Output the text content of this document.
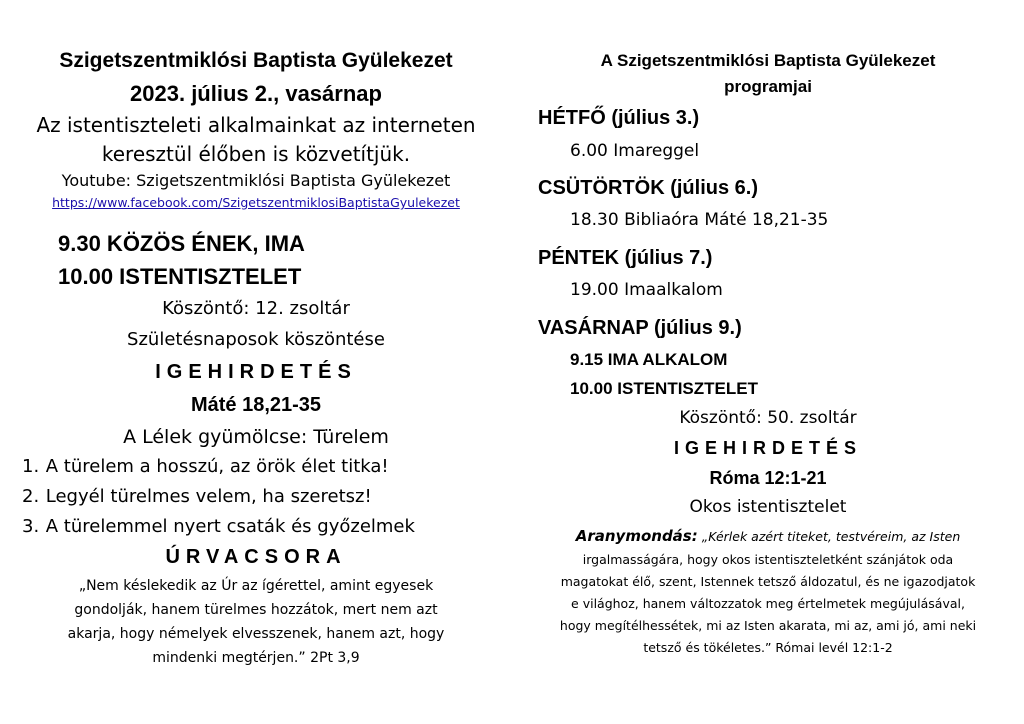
Szigetszentmiklósi Baptista Gyülekezet
2023. július 2., vasárnap
Az istentiszteleti alkalmainkat az interneten
keresztül élőben is közvetítjük.
Youtube: Szigetszentmiklósi Baptista Gyülekezet
https://www.facebook.com/SzigetszentmiklosiBaptistaGyulekezet
9.30 KÖZÖS ÉNEK, IMA
10.00 ISTENTISZTELET
Köszöntő: 12. zsoltár
Születésnaposok köszöntése
IGEHIRDETÉS
Máté 18,21-35
A Lélek gyümölcse: Türelem
1. A türelem a hosszú, az örök élet titka!
2. Legyél türelmes velem, ha szeretsz!
3. A türelemmel nyert csaták és győzelmek
ÚRVACSORA
„Nem késlekedik az Úr az ígérettel, amint egyesek
gondolják, hanem türelmes hozzátok, mert nem azt
akarja, hogy némelyek elvesszenek, hanem azt, hogy
mindenki megtérjen.” 2Pt 3,9
A Szigetszentmiklósi Baptista Gyülekezet
programjai
HÉTFŐ (július 3.)
6.00 Imareggel
CSÜTÖRTÖK (július 6.)
18.30 Bibliaóra Máté 18,21-35
PÉNTEK (július 7.)
19.00 Imaalkalom
VASÁRNAP (július 9.)
9.15 IMA ALKALOM
10.00 ISTENTISZTELET
Köszöntő: 50. zsoltár
IGEHIRDETÉS
Róma 12:1-21
Okos istentisztelet
Aranymondás: „Kérlek azért titeket, testvéreim, az Isten
irgalmasságára, hogy okos istentiszteletként szánjátok oda
magatokat élő, szent, Istennek tetsző áldozatul, és ne igazodjatok
e világhoz, hanem változzatok meg értelmetek megújulásával,
hogy megítélhessétek, mi az Isten akarata, mi az, ami jó, ami neki
tetsző és tökéletes.” Római levél 12:1-2
